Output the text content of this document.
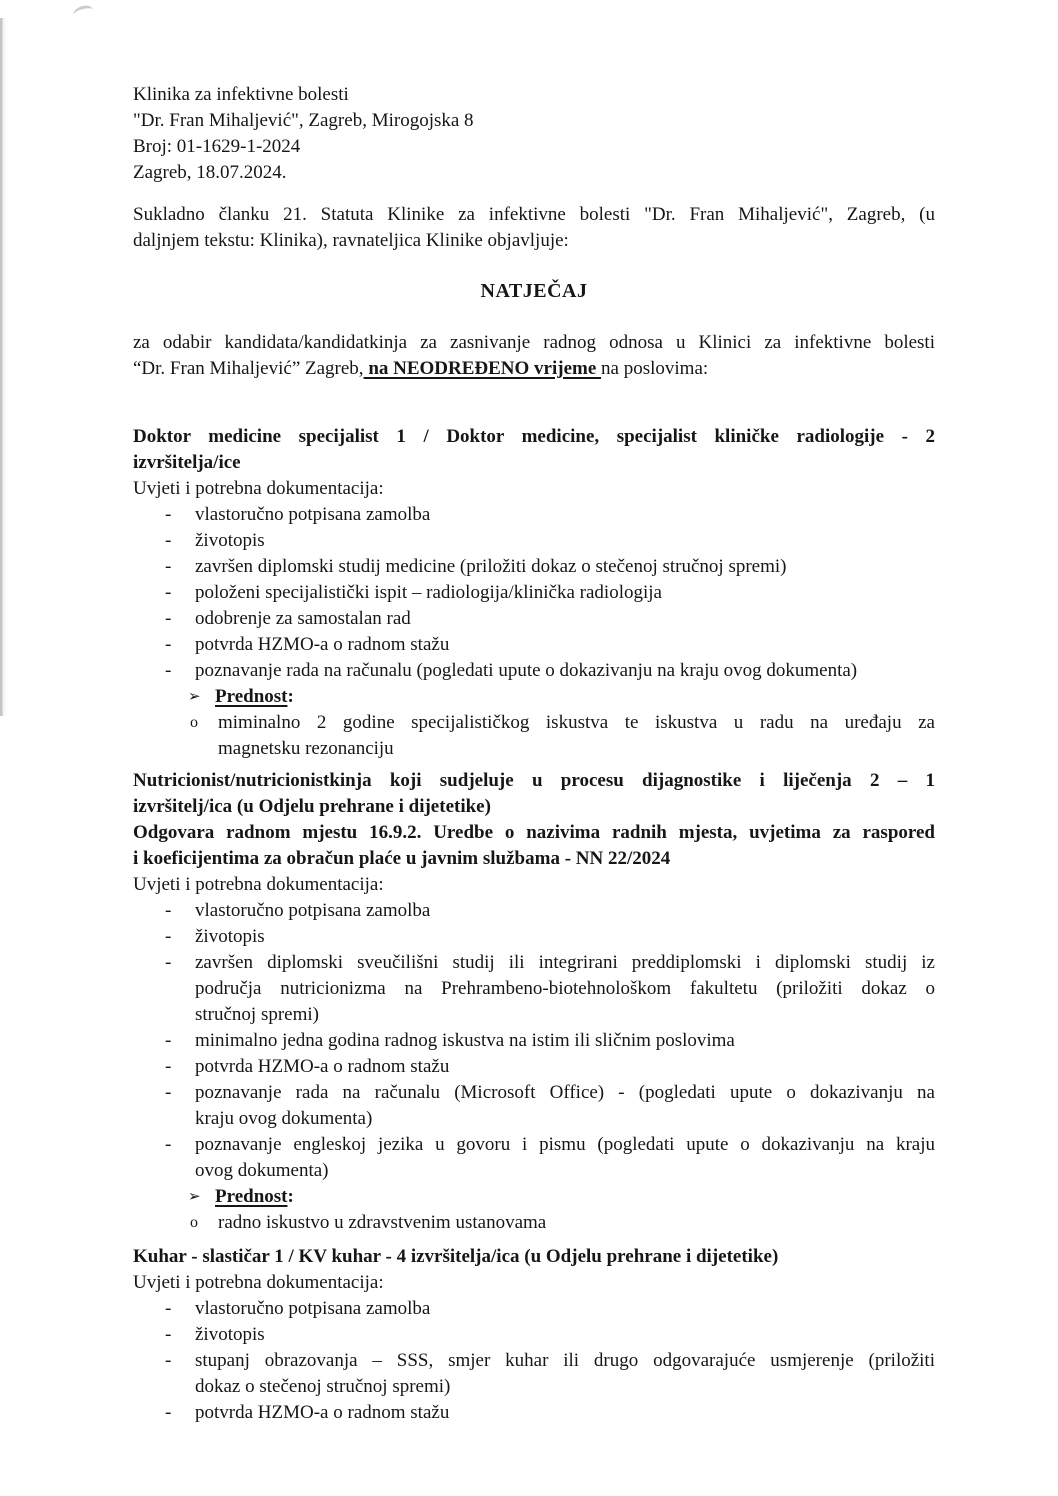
Klinika za infektivne bolesti
"Dr. Fran Mihaljević", Zagreb, Mirogojska 8
Broj: 01-1629-1-2024
Zagreb, 18.07.2024.
Sukladno članku 21. Statuta Klinike za infektivne bolesti "Dr. Fran Mihaljević", Zagreb, (u
daljnjem tekstu: Klinika), ravnateljica Klinike objavljuje:
NATJEČAJ
za odabir kandidata/kandidatkinja za zasnivanje radnog odnosa u Klinici za infektivne bolesti
“Dr. Fran Mihaljević” Zagreb, na NEODREĐENO vrijeme na poslovima:
Doktor medicine specijalist 1 / Doktor medicine, specijalist kliničke radiologije - 2
izvršitelja/ice
Uvjeti i potrebna dokumentacija:
- vlastoručno potpisana zamolba
- životopis
- završen diplomski studij medicine (priložiti dokaz o stečenoj stručnoj spremi)
- položeni specijalistički ispit – radiologija/klinička radiologija
- odobrenje za samostalan rad
- potvrda HZMO-a o radnom stažu
- poznavanje rada na računalu (pogledati upute o dokazivanju na kraju ovog dokumenta)
➢ Prednost:
o miminalno 2 godine specijalističkog iskustva te iskustva u radu na uređaju za
magnetsku rezonanciju
Nutricionist/nutricionistkinja koji sudjeluje u procesu dijagnostike i liječenja 2 – 1
izvršitelj/ica (u Odjelu prehrane i dijetetike)
Odgovara radnom mjestu 16.9.2. Uredbe o nazivima radnih mjesta, uvjetima za raspored
i koeficijentima za obračun plaće u javnim službama - NN 22/2024
Uvjeti i potrebna dokumentacija:
- vlastoručno potpisana zamolba
- životopis
- završen diplomski sveučilišni studij ili integrirani preddiplomski i diplomski studij iz
područja nutricionizma na Prehrambeno-biotehnološkom fakultetu (priložiti dokaz o
stručnoj spremi)
- minimalno jedna godina radnog iskustva na istim ili sličnim poslovima
- potvrda HZMO-a o radnom stažu
- poznavanje rada na računalu (Microsoft Office) - (pogledati upute o dokazivanju na
kraju ovog dokumenta)
- poznavanje engleskoj jezika u govoru i pismu (pogledati upute o dokazivanju na kraju
ovog dokumenta)
➢ Prednost:
o radno iskustvo u zdravstvenim ustanovama
Kuhar - slastičar 1 / KV kuhar - 4 izvršitelja/ica (u Odjelu prehrane i dijetetike)
Uvjeti i potrebna dokumentacija:
- vlastoručno potpisana zamolba
- životopis
- stupanj obrazovanja – SSS, smjer kuhar ili drugo odgovarajuće usmjerenje (priložiti
dokaz o stečenoj stručnoj spremi)
- potvrda HZMO-a o radnom stažu
